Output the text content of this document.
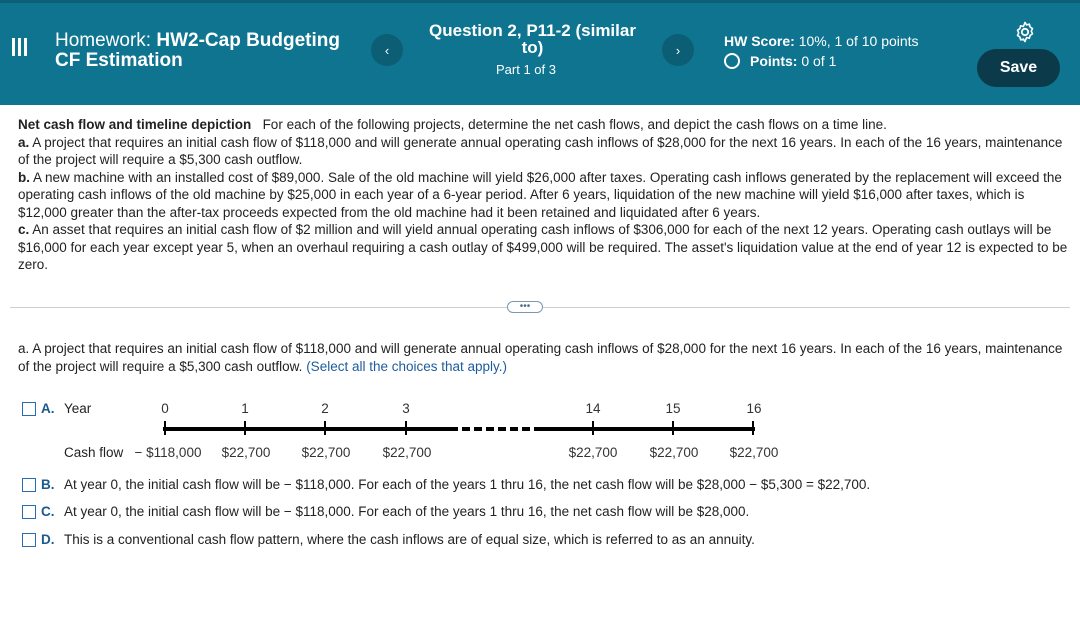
Homework: HW2-Cap Budgeting
CF Estimation	‹
Question 2, P11-2 (similar
to)
Part 1 of 3
›
HW Score: 10%, 1 of 10 points
Points:
0 of 1	Save
Net cash flow and timeline depiction For each of the following projects, determine the net cash flows, and depict the cash flows on a time line.
a. A project that requires an initial cash flow of $118,000 and will generate annual operating cash inflows of $28,000 for the next 16 years. In each of the 16 years, maintenance of the project will require a $5,300 cash outflow.
b. A new machine with an installed cost of $89,000. Sale of the old machine will yield $26,000 after taxes. Operating cash inflows generated by the replacement will exceed the operating cash inflows of the old machine by $25,000 in each year of a 6-year period. After 6 years, liquidation of the new machine will yield $16,000 after taxes, which is $12,000 greater than the after-tax proceeds expected from the old machine had it been retained and liquidated after 6 years.
c. An asset that requires an initial cash flow of $2 million and will yield annual operating cash inflows of $306,000 for each of the next 12 years. Operating cash outlays will be $16,000 for each year except year 5, when an overhaul requiring a cash outlay of $499,000 will be required. The asset's liquidation value at the end of year 12 is expected to be zero.
•••
a. A project that requires an initial cash flow of $118,000 and will generate annual operating cash inflows of $28,000 for the next 16 years. In each of the 16 years, maintenance of the project will require a $5,300 cash outflow. (Select all the choices that apply.)
A. Year	0	1	2	3	14	15	16
Cash flow − $118,000	$22,700	$22,700	$22,700	$22,700	$22,700	$22,700
B. At year 0, the initial cash flow will be − $118,000. For each of the years 1 thru 16, the net cash flow will be $28,000 − $5,300 = $22,700.
C. At year 0, the initial cash flow will be − $118,000. For each of the years 1 thru 16, the net cash flow will be $28,000.
D. This is a conventional cash flow pattern, where the cash inflows are of equal size, which is referred to as an annuity.
